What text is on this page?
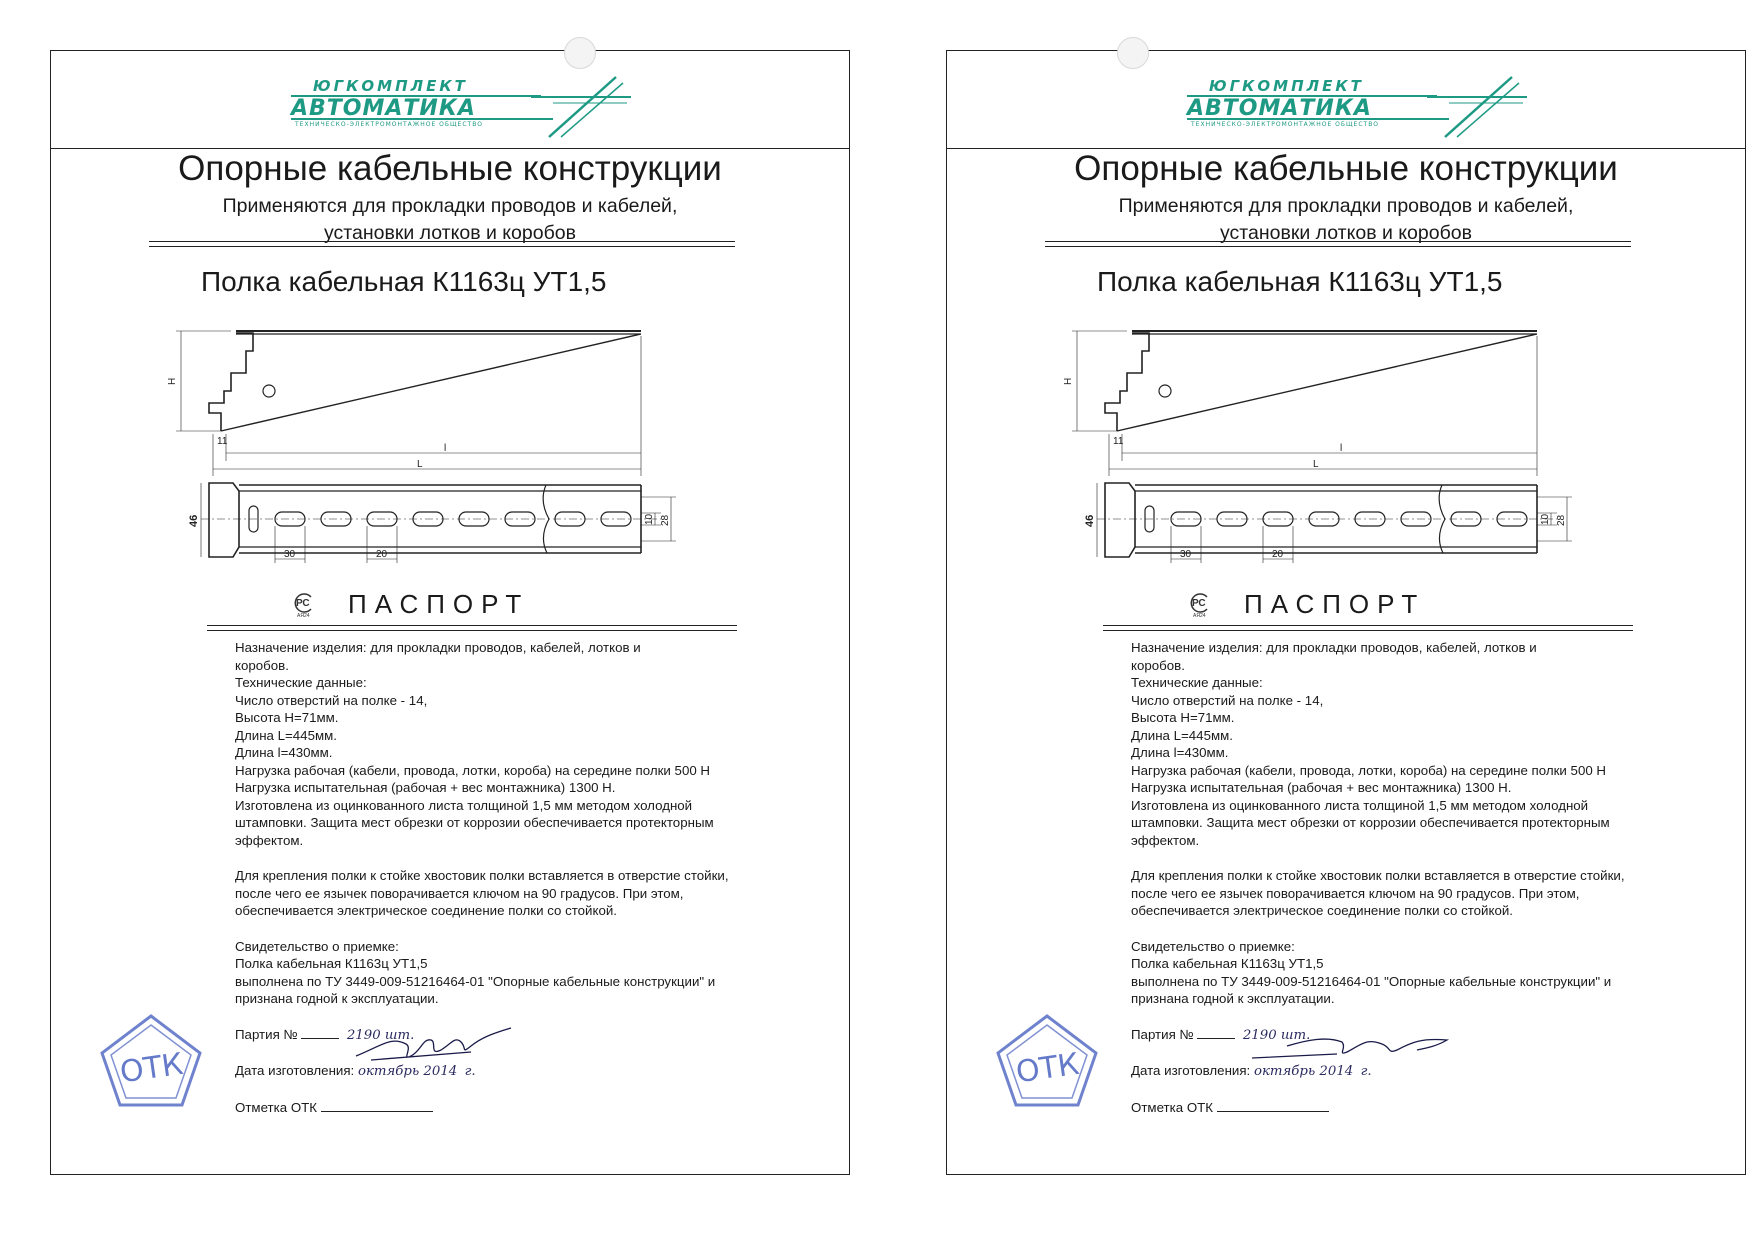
ЮГКОМПЛЕКТ
АВТОМАТИКА
ТЕХНИЧЕСКО-ЭЛЕКТРОМОНТАЖНОЕ ОБЩЕСТВО
Опорные кабельные конструкции
Применяются для прокладки проводов и кабелей,
установки лотков и коробов
Полка кабельная К1163ц УТ1,5
H
11
l
L
46
30	20
10 28
РС
АЯ24 ПАСПОРТ

Назначение изделия: для прокладки проводов, кабелей, лотков и

коробов.

Технические данные:

Число отверстий на полке - 14,

Высота H=71мм.

Длина L=445мм.

Длина l=430мм.

Нагрузка рабочая (кабели, провода, лотки, короба) на середине полки 500 Н

Нагрузка испытательная (рабочая + вес монтажника) 1300 Н.

Изготовлена из оцинкованного листа толщиной 1,5 мм методом холодной

штамповки. Защита мест обрезки от коррозии обеспечивается протекторным

эффектом.

Для крепления полки к стойке хвостовик полки вставляется в отверстие стойки,

после чего ее язычек поворачивается ключом на 90 градусов. При этом,

обеспечивается электрическое соединение полки со стойкой.

Свидетельство о приемке:

Полка кабельная К1163ц УТ1,5

выполнена по ТУ 3449-009-51216464-01 "Опорные кабельные конструкции" и

признана годной к эксплуатации.

Партия №	2190 шт.

Дата изготовления: октябрь 2014 г.

Отметка ОТК

ОТК
ЮГКОМПЛЕКТ
АВТОМАТИКА
ТЕХНИЧЕСКО-ЭЛЕКТРОМОНТАЖНОЕ ОБЩЕСТВО
Опорные кабельные конструкции
Применяются для прокладки проводов и кабелей,
установки лотков и коробов
Полка кабельная К1163ц УТ1,5
H
11
l
L
46
30	20
10 28
РС
АЯ24 ПАСПОРТ

Назначение изделия: для прокладки проводов, кабелей, лотков и

коробов.

Технические данные:

Число отверстий на полке - 14,

Высота H=71мм.

Длина L=445мм.

Длина l=430мм.

Нагрузка рабочая (кабели, провода, лотки, короба) на середине полки 500 Н

Нагрузка испытательная (рабочая + вес монтажника) 1300 Н.

Изготовлена из оцинкованного листа толщиной 1,5 мм методом холодной

штамповки. Защита мест обрезки от коррозии обеспечивается протекторным

эффектом.

Для крепления полки к стойке хвостовик полки вставляется в отверстие стойки,

после чего ее язычек поворачивается ключом на 90 градусов. При этом,

обеспечивается электрическое соединение полки со стойкой.

Свидетельство о приемке:

Полка кабельная К1163ц УТ1,5

выполнена по ТУ 3449-009-51216464-01 "Опорные кабельные конструкции" и

признана годной к эксплуатации.

Партия №	2190 шт.

Дата изготовления: октябрь 2014 г.

Отметка ОТК

ОТК
